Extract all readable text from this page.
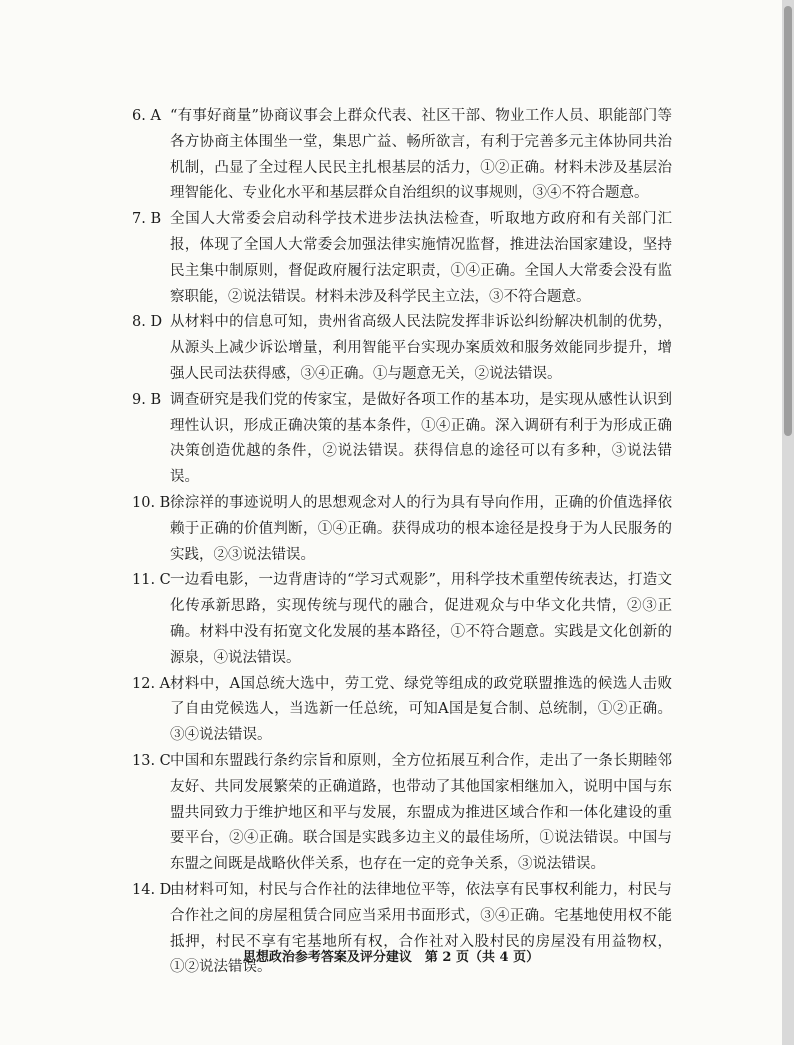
6. A “有事好商量”协商议事会上群众代表、社区干部、物业工作人员、职能部门等各方协商主体围坐一堂，集思广益、畅所欲言，有利于完善多元主体协同共治机制，凸显了全过程人民民主扎根基层的活力，①②正确。材料未涉及基层治理智能化、专业化水平和基层群众自治组织的议事规则，③④不符合题意。
7. B 全国人大常委会启动科学技术进步法执法检查，听取地方政府和有关部门汇报，体现了全国人大常委会加强法律实施情况监督，推进法治国家建设，坚持民主集中制原则，督促政府履行法定职责，①④正确。全国人大常委会没有监察职能，②说法错误。材料未涉及科学民主立法，③不符合题意。
8. D 从材料中的信息可知，贵州省高级人民法院发挥非诉讼纠纷解决机制的优势，从源头上减少诉讼增量，利用智能平台实现办案质效和服务效能同步提升，增强人民司法获得感，③④正确。①与题意无关，②说法错误。
9. B 调查研究是我们党的传家宝，是做好各项工作的基本功，是实现从感性认识到理性认识，形成正确决策的基本条件，①④正确。深入调研有利于为形成正确决策创造优越的条件，②说法错误。获得信息的途径可以有多种，③说法错误。
10. B 徐淙祥的事迹说明人的思想观念对人的行为具有导向作用，正确的价值选择依赖于正确的价值判断，①④正确。获得成功的根本途径是投身于为人民服务的实践，②③说法错误。
11. C 一边看电影，一边背唐诗的“学习式观影”，用科学技术重塑传统表达，打造文化传承新思路，实现传统与现代的融合，促进观众与中华文化共情，②③正确。材料中没有拓宽文化发展的基本路径，①不符合题意。实践是文化创新的源泉，④说法错误。
12. A 材料中，A国总统大选中，劳工党、绿党等组成的政党联盟推选的候选人击败了自由党候选人，当选新一任总统，可知A国是复合制、总统制，①②正确。③④说法错误。
13. C 中国和东盟践行条约宗旨和原则，全方位拓展互利合作，走出了一条长期睦邻友好、共同发展繁荣的正确道路，也带动了其他国家相继加入，说明中国与东盟共同致力于维护地区和平与发展，东盟成为推进区域合作和一体化建设的重要平台，②④正确。联合国是实践多边主义的最佳场所，①说法错误。中国与东盟之间既是战略伙伴关系，也存在一定的竞争关系，③说法错误。
14. D
由材料可知，村民与合作社的法律地位平等，依法享有民事权利能力，村民与合作社之间的房屋租赁合同应当采用书面形式，③④正确。宅基地使用权不能抵押，村民不享有宅基地所有权，合作社对入股村民的房屋没有用益物权，①②说法错误。
思想政治参考答案及评分建议　第 2 页（共 4 页）
